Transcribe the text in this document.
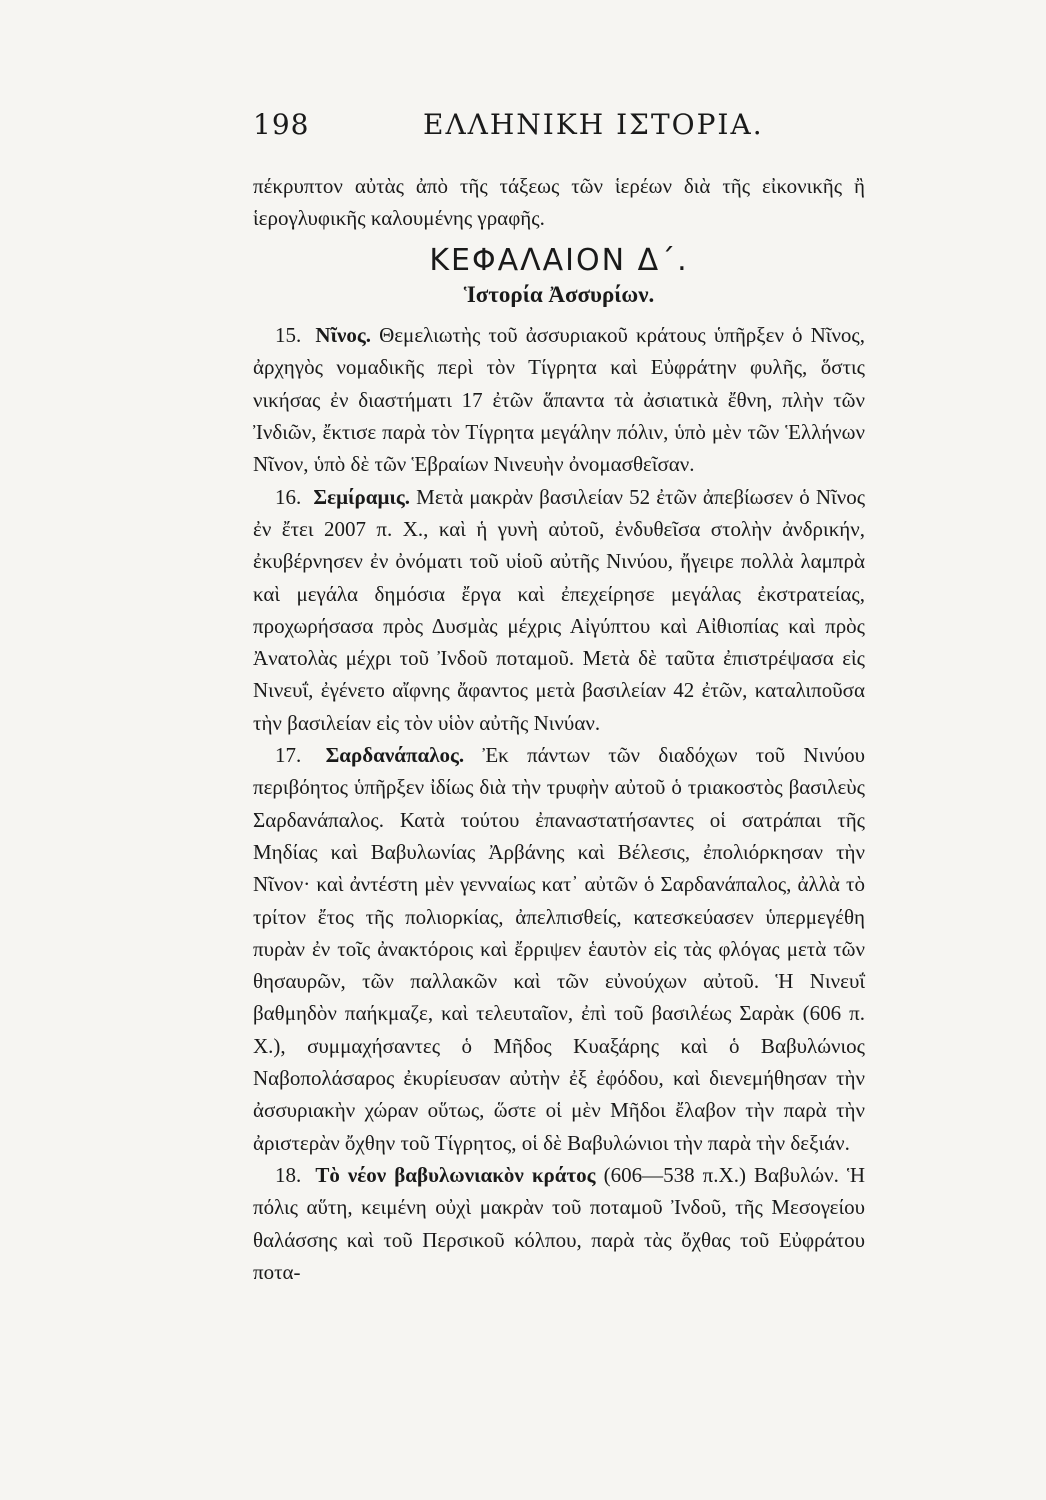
198	ΕΛΛΗΝΙΚΗ ΙΣΤΟΡΙΑ.

πέκρυπτον αὐτὰς ἀπὸ τῆς τάξεως τῶν ἱερέων διὰ τῆς εἰκονικῆς ἢ ἱερογλυφικῆς καλουμένης γραφῆς.

ΚΕΦΑΛΑΙΟΝ Δ΄.
Ἱστορία Ἀσσυρίων.

15. Νῖνος. Θεμελιωτὴς τοῦ ἀσσυριακοῦ κράτους ὑπῆρξεν ὁ Νῖνος, ἀρχηγὸς νομαδικῆς περὶ τὸν Τίγρητα καὶ Εὐφράτην φυλῆς, ὅστις νικήσας ἐν διαστήματι 17 ἐτῶν ἅπαντα τὰ ἀσιατικὰ ἔθνη, πλὴν τῶν Ἰνδιῶν, ἔκτισε παρὰ τὸν Τίγρητα μεγάλην πόλιν, ὑπὸ μὲν τῶν Ἑλλήνων Νῖνον, ὑπὸ δὲ τῶν Ἑβραίων Νινευὴν ὀνομασθεῖσαν.

16. Σεμίραμις. Μετὰ μακρὰν βασιλείαν 52 ἐτῶν ἀπεβίωσεν ὁ Νῖνος ἐν ἔτει 2007 π. Χ., καὶ ἡ γυνὴ αὐτοῦ, ἐνδυθεῖσα στολὴν ἀνδρικήν, ἐκυβέρνησεν ἐν ὀνόματι τοῦ υἱοῦ αὐτῆς Νινύου, ἤγειρε πολλὰ λαμπρὰ καὶ μεγάλα δημόσια ἔργα καὶ ἐπεχείρησε μεγάλας ἐκστρατείας, προχωρήσασα πρὸς Δυσμὰς μέχρις Αἰγύπτου καὶ Αἰθιοπίας καὶ πρὸς Ἀνατολὰς μέχρι τοῦ Ἰνδοῦ ποταμοῦ. Μετὰ δὲ ταῦτα ἐπιστρέψασα εἰς Νινευΐ, ἐγένετο αἴφνης ἄφαντος μετὰ βασιλείαν 42 ἐτῶν, καταλιποῦσα τὴν βασιλείαν εἰς τὸν υἱὸν αὐτῆς Νινύαν.

17. Σαρδανάπαλος. Ἐκ πάντων τῶν διαδόχων τοῦ Νινύου περιβόητος ὑπῆρξεν ἰδίως διὰ τὴν τρυφὴν αὐτοῦ ὁ τριακοστὸς βασιλεὺς Σαρδανάπαλος. Κατὰ τούτου ἐπαναστατήσαντες οἱ σατράπαι τῆς Μηδίας καὶ Βαβυλωνίας Ἀρβάνης καὶ Βέλεσις, ἐπολιόρκησαν τὴν Νῖνον· καὶ ἀντέστη μὲν γενναίως κατ᾽ αὐτῶν ὁ Σαρδανάπαλος, ἀλλὰ τὸ τρίτον ἔτος τῆς πολιορκίας, ἀπελπισθείς, κατεσκεύασεν ὑπερμεγέθη πυρὰν ἐν τοῖς ἀνακτόροις καὶ ἔρριψεν ἑαυτὸν εἰς τὰς φλόγας μετὰ τῶν θησαυρῶν, τῶν παλλακῶν καὶ τῶν εὐνούχων αὐτοῦ. Ἡ Νινευΐ βαθμηδὸν παήκμαζε, καὶ τελευταῖον, ἐπὶ τοῦ βασιλέως Σαρὰκ (606 π. Χ.), συμμαχήσαντες ὁ Μῆδος Κυαξάρης καὶ ὁ Βαβυλώνιος Ναβοπολάσαρος ἐκυρίευσαν αὐτὴν ἐξ ἐφόδου, καὶ διενεμήθησαν τὴν ἀσσυριακὴν χώραν οὕτως, ὥστε οἱ μὲν Μῆδοι ἔλαβον τὴν παρὰ τὴν ἀριστερὰν ὄχθην τοῦ Τίγρητος, οἱ δὲ Βαβυλώνιοι τὴν παρὰ τὴν δεξιάν.

18. Τὸ νέον βαβυλωνιακὸν κράτος (606—538 π.Χ.) Βαβυλών. Ἡ πόλις αὕτη, κειμένη οὐχὶ μακρὰν τοῦ ποταμοῦ Ἰνδοῦ, τῆς Μεσογείου θαλάσσης καὶ τοῦ Περσικοῦ κόλπου, παρὰ τὰς ὄχθας τοῦ Εὐφράτου ποτα-
